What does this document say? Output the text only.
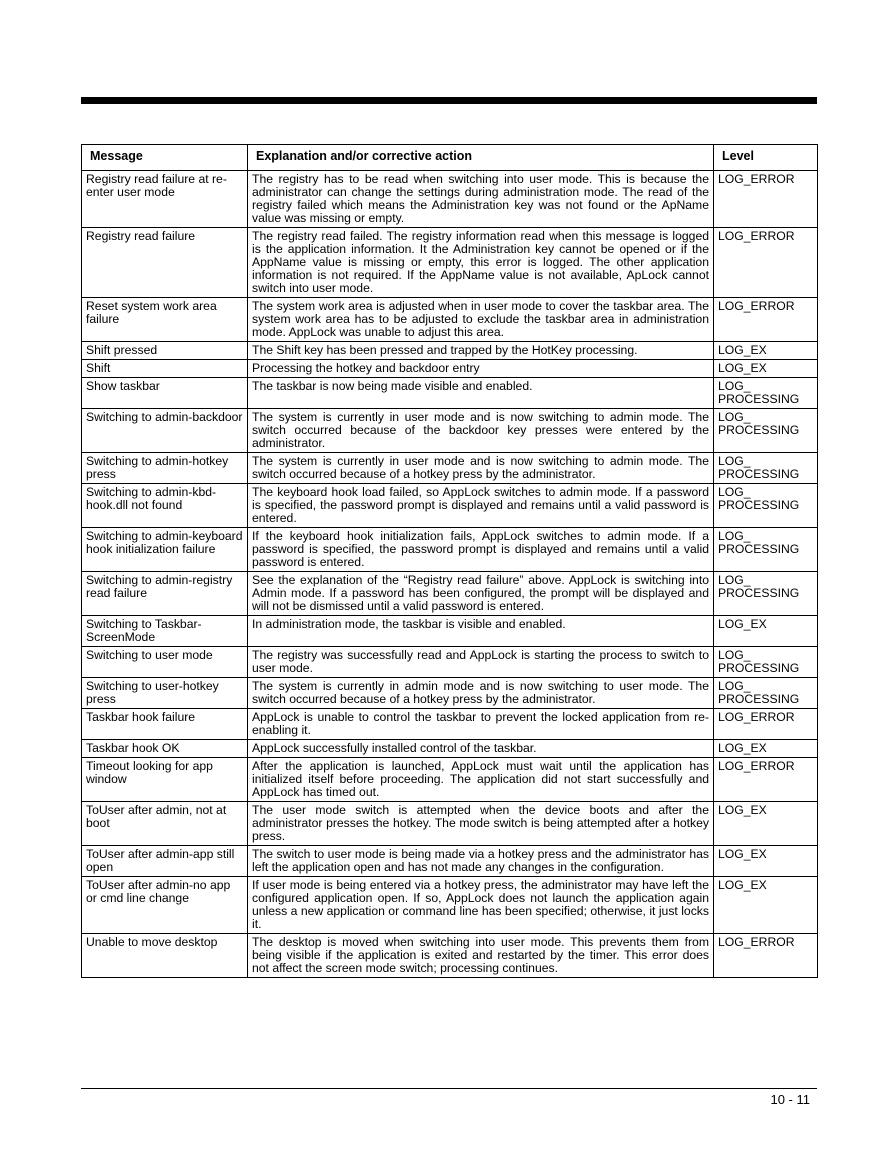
Message	Explanation and/or corrective action	Level
Registry read failure at re-enter user mode	The registry has to be read when switching into user mode. This is because the administrator can change the settings during administration mode. The read of the registry failed which means the Administration key was not found or the ApName value was missing or empty.	LOG_ERROR
Registry read failure	The registry read failed. The registry information read when this message is logged is the application information. It the Administration key cannot be opened or if the AppName value is missing or empty, this error is logged. The other application information is not required. If the AppName value is not available, ApLock cannot switch into user mode.	LOG_ERROR
Reset system work area failure	The system work area is adjusted when in user mode to cover the taskbar area. The system work area has to be adjusted to exclude the taskbar area in administration mode. AppLock was unable to adjust this area.	LOG_ERROR
Shift pressed	The Shift key has been pressed and trapped by the HotKey processing.	LOG_EX
Shift	Processing the hotkey and backdoor entry	LOG_EX
Show taskbar	The taskbar is now being made visible and enabled.	LOG_ PROCESSING
Switching to admin-backdoor	The system is currently in user mode and is now switching to admin mode. The switch occurred because of the backdoor key presses were entered by the administrator.	LOG_ PROCESSING
Switching to admin-hotkey press	The system is currently in user mode and is now switching to admin mode. The switch occurred because of a hotkey press by the administrator.	LOG_ PROCESSING
Switching to admin-kbd-hook.dll not found	The keyboard hook load failed, so AppLock switches to admin mode. If a password is specified, the password prompt is displayed and remains until a valid password is entered.	LOG_ PROCESSING
Switching to admin-keyboard hook initialization failure	If the keyboard hook initialization fails, AppLock switches to admin mode. If a password is specified, the password prompt is displayed and remains until a valid password is entered.	LOG_ PROCESSING
Switching to admin-registry read failure	See the explanation of the “Registry read failure” above. AppLock is switching into Admin mode. If a password has been configured, the prompt will be displayed and will not be dismissed until a valid password is entered.	LOG_ PROCESSING
Switching to Taskbar-ScreenMode	In administration mode, the taskbar is visible and enabled.	LOG_EX
Switching to user mode	The registry was successfully read and AppLock is starting the process to switch to user mode.	LOG_ PROCESSING
Switching to user-hotkey press	The system is currently in admin mode and is now switching to user mode. The switch occurred because of a hotkey press by the administrator.	LOG_ PROCESSING
Taskbar hook failure	AppLock is unable to control the taskbar to prevent the locked application from re-enabling it.	LOG_ERROR
Taskbar hook OK	AppLock successfully installed control of the taskbar.	LOG_EX
Timeout looking for app window	After the application is launched, AppLock must wait until the application has initialized itself before proceeding. The application did not start successfully and AppLock has timed out.	LOG_ERROR
ToUser after admin, not at boot	The user mode switch is attempted when the device boots and after the administrator presses the hotkey. The mode switch is being attempted after a hotkey press.	LOG_EX
ToUser after admin-app still open	The switch to user mode is being made via a hotkey press and the administrator has left the application open and has not made any changes in the configuration.	LOG_EX
ToUser after admin-no app or cmd line change	If user mode is being entered via a hotkey press, the administrator may have left the configured application open. If so, AppLock does not launch the application again unless a new application or command line has been specified; otherwise, it just locks it.	LOG_EX
Unable to move desktop	The desktop is moved when switching into user mode. This prevents them from being visible if the application is exited and restarted by the timer. This error does not affect the screen mode switch; processing continues.	LOG_ERROR
10 - 11
